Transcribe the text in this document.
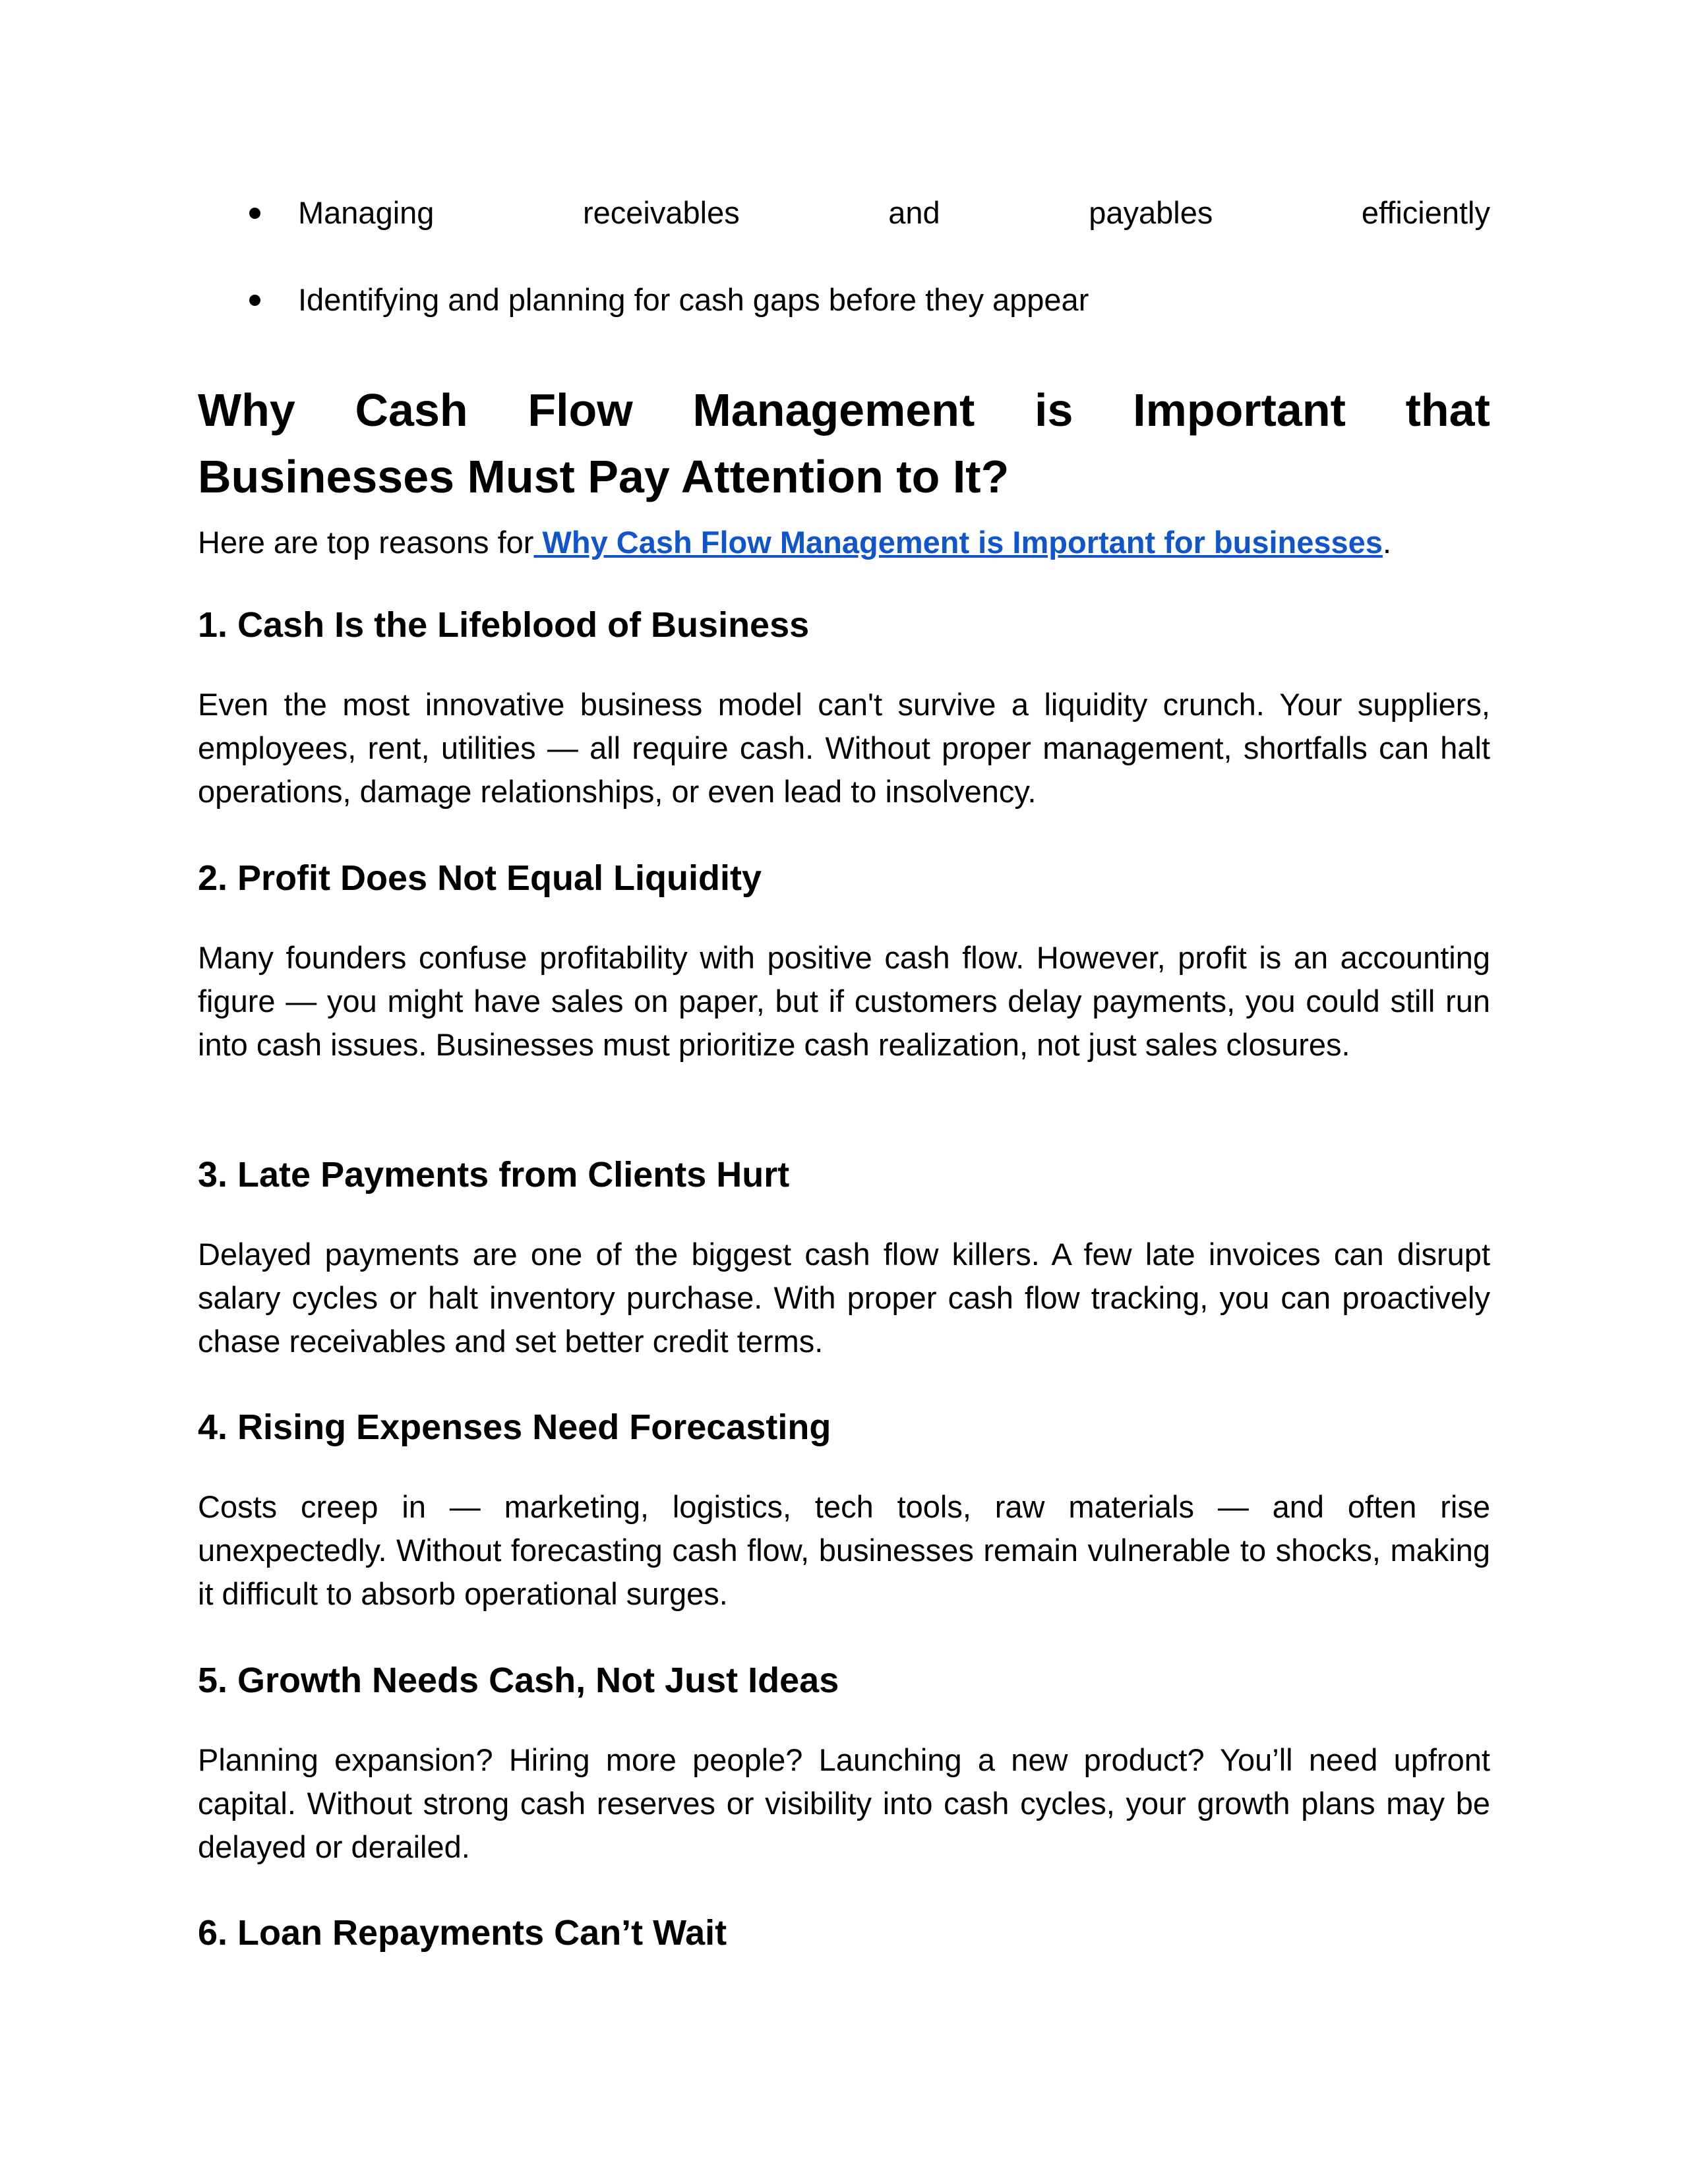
Managing	receivables	and	payables	efficiently
Identifying and planning for cash gaps before they appear
Why Cash Flow Management is Important that
Businesses Must Pay Attention to It?

Here are top reasons for Why Cash Flow Management is Important for businesses.

1. Cash Is the Lifeblood of Business

Even the most innovative business model can't survive a liquidity crunch. Your suppliers, employees, rent, utilities — all require cash. Without proper management, shortfalls can halt operations, damage relationships, or even lead to insolvency.

2. Profit Does Not Equal Liquidity

Many founders confuse profitability with positive cash flow. However, profit is an accounting figure — you might have sales on paper, but if customers delay payments, you could still run into cash issues. Businesses must prioritize cash realization, not just sales closures.

3. Late Payments from Clients Hurt

Delayed payments are one of the biggest cash flow killers. A few late invoices can disrupt salary cycles or halt inventory purchase. With proper cash flow tracking, you can proactively chase receivables and set better credit terms.

4. Rising Expenses Need Forecasting

Costs creep in — marketing, logistics, tech tools, raw materials — and often rise unexpectedly. Without forecasting cash flow, businesses remain vulnerable to shocks, making it difficult to absorb operational surges.

5. Growth Needs Cash, Not Just Ideas

Planning expansion? Hiring more people? Launching a new product? You’ll need upfront capital. Without strong cash reserves or visibility into cash cycles, your growth plans may be delayed or derailed.

6. Loan Repayments Can’t Wait
